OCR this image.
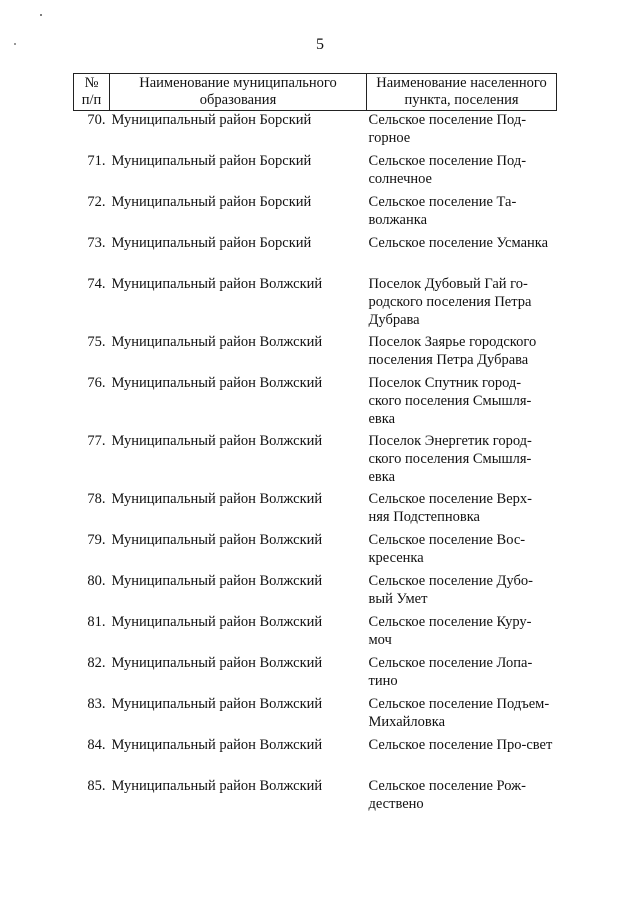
5
№ п/п	Наименование муниципального образования	Наименование населенного пункта, поселения
70.	Муниципальный район Борский	Сельское поселение Под-горное
71.	Муниципальный район Борский	Сельское поселение Под-солнечное
72.	Муниципальный район Борский	Сельское поселение Та-волжанка
73.	Муниципальный район Борский	Сельское поселение Усманка
74.	Муниципальный район Волжский	Поселок Дубовый Гай го-родского поселения Петра Дубрава
75.	Муниципальный район Волжский	Поселок Заярье городского поселения Петра Дубрава
76.	Муниципальный район Волжский	Поселок Спутник город-ского поселения Смышля-евка
77.	Муниципальный район Волжский	Поселок Энергетик город-ского поселения Смышля-евка
78.	Муниципальный район Волжский	Сельское поселение Верх-няя Подстепновка
79.	Муниципальный район Волжский	Сельское поселение Вос-кресенка
80.	Муниципальный район Волжский	Сельское поселение Дубо-вый Умет
81.	Муниципальный район Волжский	Сельское поселение Куру-моч
82.	Муниципальный район Волжский	Сельское поселение Лопа-тино
83.	Муниципальный район Волжский	Сельское поселение Подъем-Михайловка
84.	Муниципальный район Волжский	Сельское поселение Про-свет
85.	Муниципальный район Волжский	Сельское поселение Рож-дествено
